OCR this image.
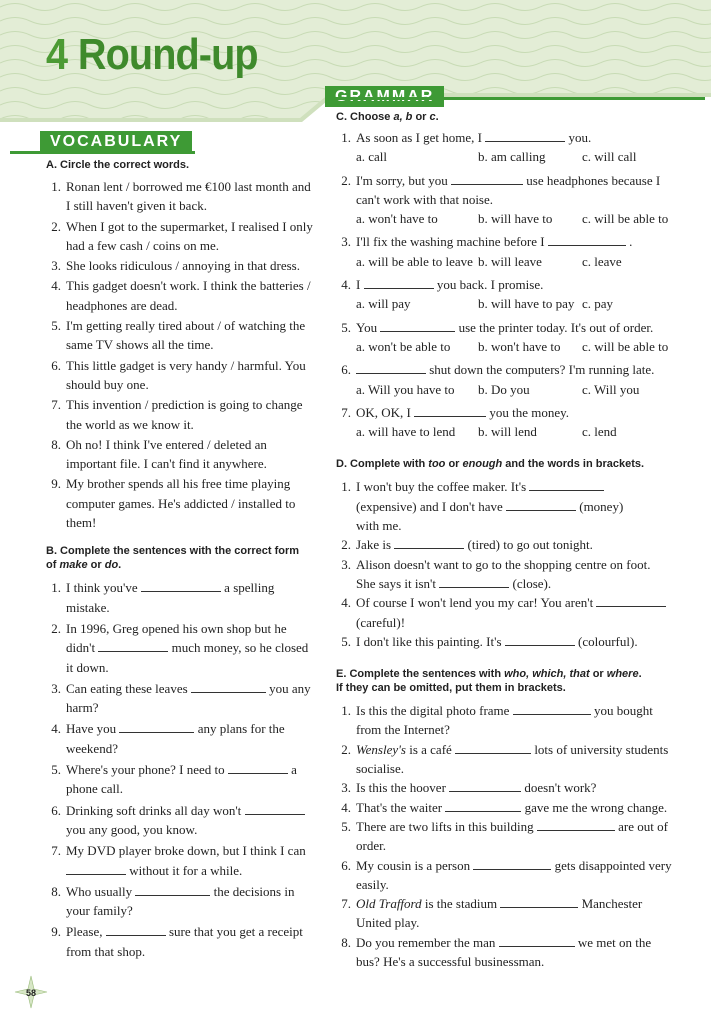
4 Round-up
VOCABULARY
A. Circle the correct words.
1. Ronan lent / borrowed me €100 last month and I still haven't given it back.
2. When I got to the supermarket, I realised I only had a few cash / coins on me.
3. She looks ridiculous / annoying in that dress.
4. This gadget doesn't work. I think the batteries / headphones are dead.
5. I'm getting really tired about / of watching the same TV shows all the time.
6. This little gadget is very handy / harmful. You should buy one.
7. This invention / prediction is going to change the world as we know it.
8. Oh no! I think I've entered / deleted an important file. I can't find it anywhere.
9. My brother spends all his free time playing computer games. He's addicted / installed to them!
B. Complete the sentences with the correct form
of make or do.
1. I think you've	a spelling mistake.
2. In 1996, Greg opened his own shop but he didn't	much money, so he closed it down.
3. Can eating these leaves	you any harm?
4. Have you	any plans for the weekend?
5. Where's your phone? I need to	a phone call.
6. Drinking soft drinks all day won't  you any good, you know.
7. My DVD player broke down, but I think I can  without it for a while.
8. Who usually	the decisions in your family?
9. Please,	sure that you get a receipt from that shop.
C. Choose a, b or c.
1. As soon as I get home, I	you.
a. call	b. am calling	c. will call
2. I'm sorry, but you	use headphones because I can't work with that noise.
a. won't have to	b. will have to	c. will be able to
3. I'll fix the washing machine before I	.
a. will be able to leave b. will leave	c. leave
4. I	you back. I promise.
a. will pay	b. will have to pay c. pay
5. You	use the printer today. It's out of order.
a. won't be able to	b. won't have to	c. will be able to
6.	shut down the computers? I'm running late.
a. Will you have to	b. Do you	c. Will you
7. OK, OK, I	you the money.
a. will have to lend	b. will lend	c. lend
D. Complete with too or enough and the words in brackets.
1. I won't buy the coffee maker. It's
(expensive) and I don't have	(money)
with me.
2. Jake is	(tired) to go out tonight.
3. Alison doesn't want to go to the shopping centre on foot.
She says it isn't	(close).
4. Of course I won't lend you my car! You aren't
(careful)!
5. I don't like this painting. It's	(colourful).
E. Complete the sentences with who, which, that or where.
If they can be omitted, put them in brackets.
1. Is this the digital photo frame	you bought from the Internet?
2. Wensley's is a café	lots of university students socialise.
3. Is this the hoover	doesn't work?
4. That's the waiter	gave me the wrong change.
5. There are two lifts in this building	are out of order.
6. My cousin is a person	gets disappointed very easily.
7. Old Trafford is the stadium	Manchester United play.
8. Do you remember the man	we met on the bus? He's a successful businessman.
58
